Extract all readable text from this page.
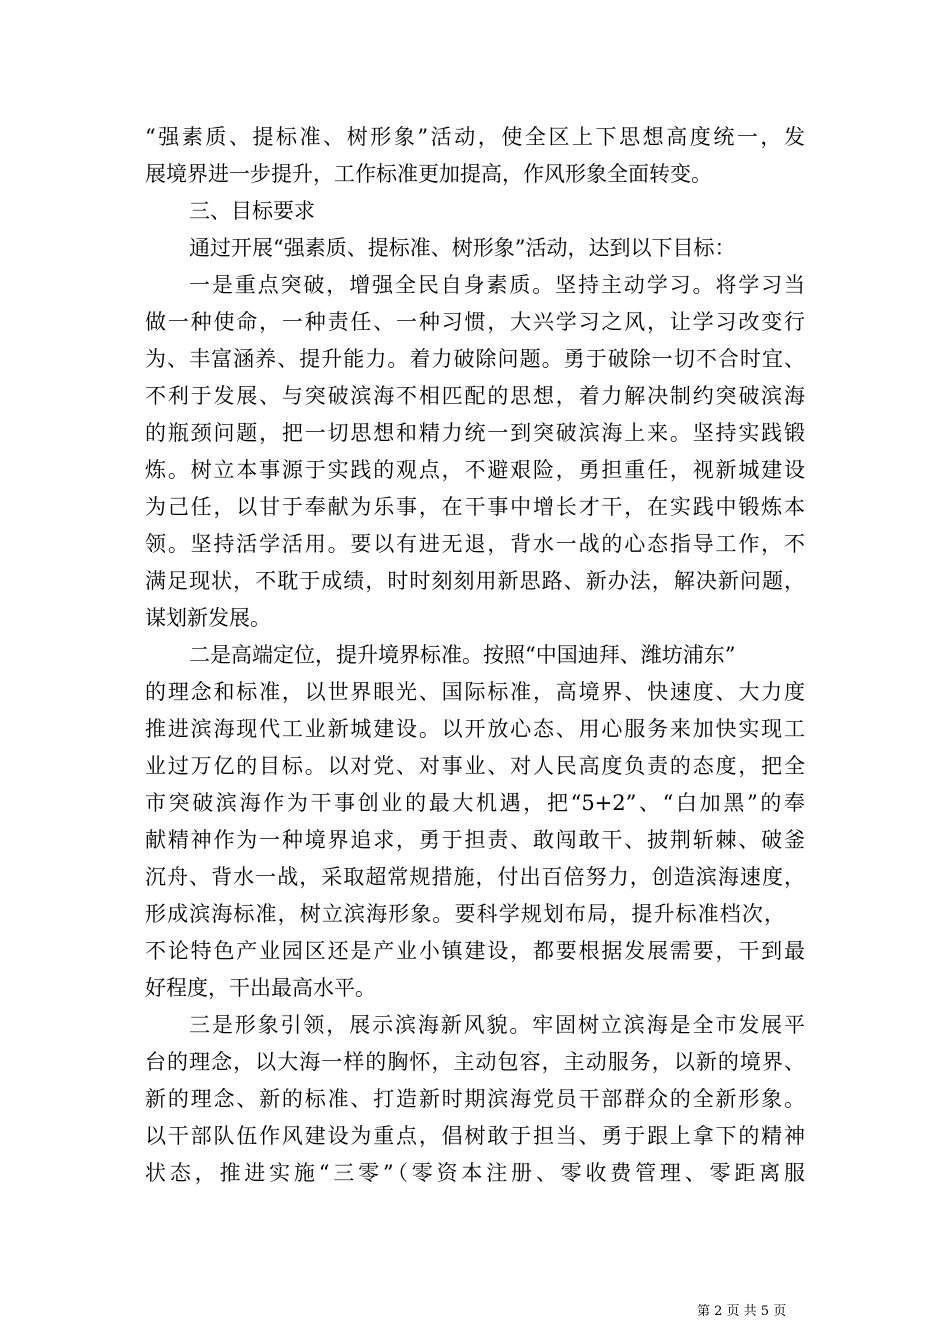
“强素质、提标准、树形象”活动，使全区上下思想高度统一，发
展境界进一步提升，工作标准更加提高，作风形象全面转变。
三、目标要求
通过开展“强素质、提标准、树形象”活动，达到以下目标：
一是重点突破，增强全民自身素质。坚持主动学习。将学习当
做一种使命，一种责任、一种习惯，大兴学习之风，让学习改变行
为、丰富涵养、提升能力。着力破除问题。勇于破除一切不合时宜、
不利于发展、与突破滨海不相匹配的思想，着力解决制约突破滨海
的瓶颈问题，把一切思想和精力统一到突破滨海上来。坚持实践锻
炼。树立本事源于实践的观点，不避艰险，勇担重任，视新城建设
为己任，以甘于奉献为乐事，在干事中增长才干，在实践中锻炼本
领。坚持活学活用。要以有进无退，背水一战的心态指导工作，不
满足现状，不耽于成绩，时时刻刻用新思路、新办法，解决新问题，
谋划新发展。
二是高端定位，提升境界标准。按照“中国迪拜、潍坊浦东”
的理念和标准，以世界眼光、国际标准，高境界、快速度、大力度
推进滨海现代工业新城建设。以开放心态、用心服务来加快实现工
业过万亿的目标。以对党、对事业、对人民高度负责的态度，把全
市突破滨海作为干事创业的最大机遇，把“5+2”、“白加黑”的奉
献精神作为一种境界追求，勇于担责、敢闯敢干、披荆斩棘、破釜
沉舟、背水一战，采取超常规措施，付出百倍努力，创造滨海速度，
形成滨海标准，树立滨海形象。要科学规划布局，提升标准档次，
不论特色产业园区还是产业小镇建设，都要根据发展需要，干到最
好程度，干出最高水平。
三是形象引领，展示滨海新风貌。牢固树立滨海是全市发展平
台的理念，以大海一样的胸怀，主动包容，主动服务，以新的境界、
新的理念、新的标准、打造新时期滨海党员干部群众的全新形象。
以干部队伍作风建设为重点，倡树敢于担当、勇于跟上拿下的精神
状态，推进实施“三零”（零资本注册、零收费管理、零距离服
第 2 页 共 5 页
